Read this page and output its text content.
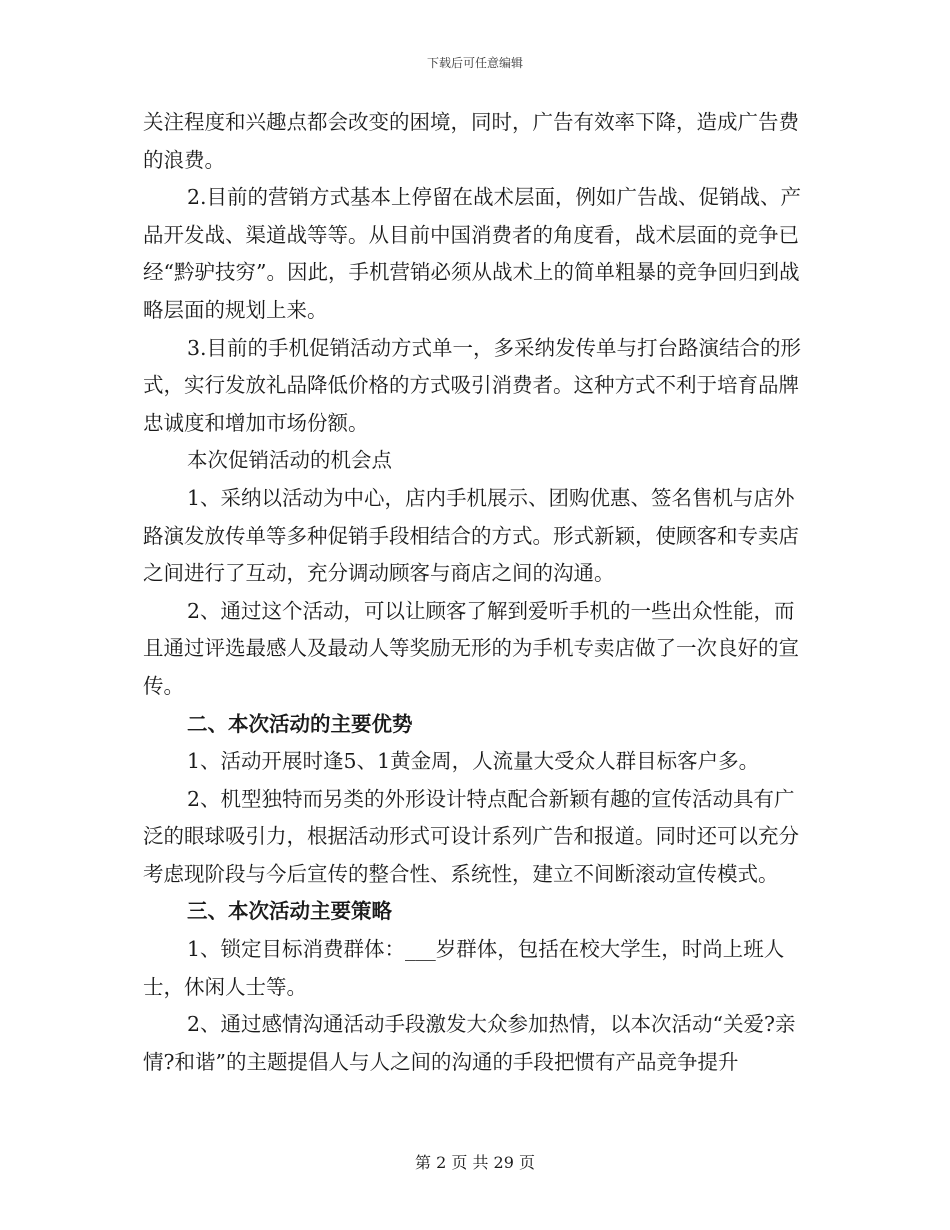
下载后可任意编辑

关注程度和兴趣点都会改变的困境，同时，广告有效率下降，造成广告费的浪费。

2.目前的营销方式基本上停留在战术层面，例如广告战、促销战、产品开发战、渠道战等等。从目前中国消费者的角度看，战术层面的竞争已经“黔驴技穷”。因此，手机营销必须从战术上的简单粗暴的竞争回归到战略层面的规划上来。

3.目前的手机促销活动方式单一，多采纳发传单与打台路演结合的形式，实行发放礼品降低价格的方式吸引消费者。这种方式不利于培育品牌忠诚度和增加市场份额。

本次促销活动的机会点

1、采纳以活动为中心，店内手机展示、团购优惠、签名售机与店外路演发放传单等多种促销手段相结合的方式。形式新颖，使顾客和专卖店之间进行了互动，充分调动顾客与商店之间的沟通。

2、通过这个活动，可以让顾客了解到爱听手机的一些出众性能，而且通过评选最感人及最动人等奖励无形的为手机专卖店做了一次良好的宣传。

二、本次活动的主要优势

1、活动开展时逢5、1黄金周，人流量大受众人群目标客户多。

2、机型独特而另类的外形设计特点配合新颖有趣的宣传活动具有广泛的眼球吸引力，根据活动形式可设计系列广告和报道。同时还可以充分考虑现阶段与今后宣传的整合性、系统性，建立不间断滚动宣传模式。

三、本次活动主要策略

1、锁定目标消费群体：___岁群体，包括在校大学生，时尚上班人士，休闲人士等。

2、通过感情沟通活动手段激发大众参加热情，以本次活动“关爱?亲情?和谐”的主题提倡人与人之间的沟通的手段把惯有产品竞争提升

第 2 页 共 29 页
